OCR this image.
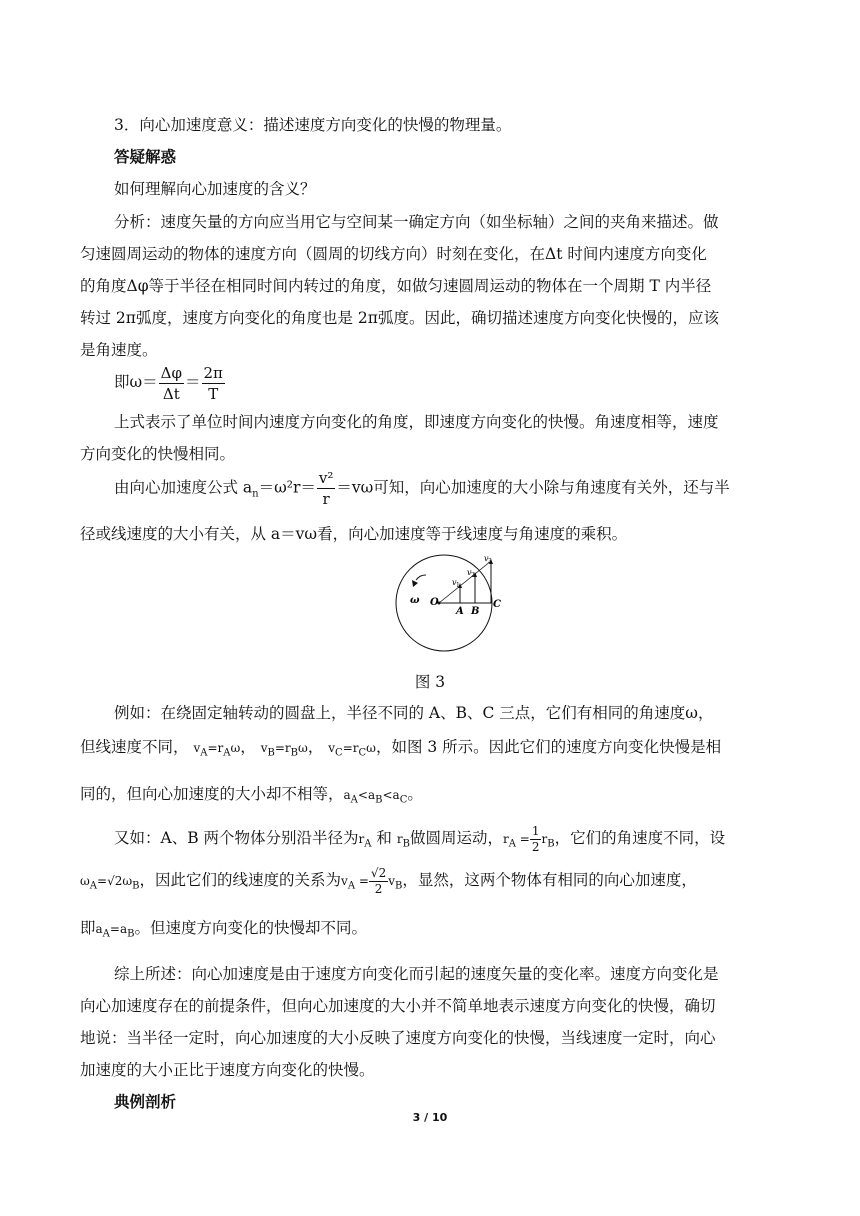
3．向心加速度意义：描述速度方向变化的快慢的物理量。
答疑解惑
如何理解向心加速度的含义？
分析：速度矢量的方向应当用它与空间某一确定方向（如坐标轴）之间的夹角来描述。做
匀速圆周运动的物体的速度方向（圆周的切线方向）时刻在变化，在Δt 时间内速度方向变化
的角度Δφ等于半径在相同时间内转过的角度，如做匀速圆周运动的物体在一个周期 T 内半径
转过 2π弧度，速度方向变化的角度也是 2π弧度。因此，确切描述速度方向变化快慢的，应该
是角速度。
即$\omega= \frac{\Delta\varphi}{\Delta t} = \frac{2\pi}{T}$
上式表示了单位时间内速度方向变化的角度，即速度方向变化的快慢。角速度相等，速度
方向变化的快慢相同。
由向心加速度公式 $a_n=\omega^2r= \frac{\text{v²}}{r} =v\omega$可知，向心加速度的大小除与角速度有关外，还与半
径或线速度的大小有关，从 a＝vω看，向心加速度等于线速度与角速度的乘积。
ω O
A B
C
v 1
v 2
v 3
图 3
例如：在绕固定轴转动的圆盘上，半径不同的 A、B、C 三点，它们有相同的角速度ω，
但线速度不同， $v_A=r_A\omega$， $v_B=r_B\omega$， $v_C=r_C\omega$，如图 3 所示。因此它们的速度方向变化快慢是相
同的，但向心加速度的大小却不相等，$a_A<a_B<a_C$。
又如：A、B 两个物体分别沿半径为$r_A$ 和 $r_B$做圆周运动，$r_A = \frac{1}{2} r_B$，它们的角速度不同，设
$\omega_A=√2\omega_B$，因此它们的线速度的关系为$v_A = \frac{√2}{2} v_B$，显然，这两个物体有相同的向心加速度，
即$a_A=a_B$。但速度方向变化的快慢却不同。
综上所述：向心加速度是由于速度方向变化而引起的速度矢量的变化率。速度方向变化是
向心加速度存在的前提条件，但向心加速度的大小并不简单地表示速度方向变化的快慢，确切
地说：当半径一定时，向心加速度的大小反映了速度方向变化的快慢，当线速度一定时，向心
加速度的大小正比于速度方向变化的快慢。
典例剖析
3 / 10
